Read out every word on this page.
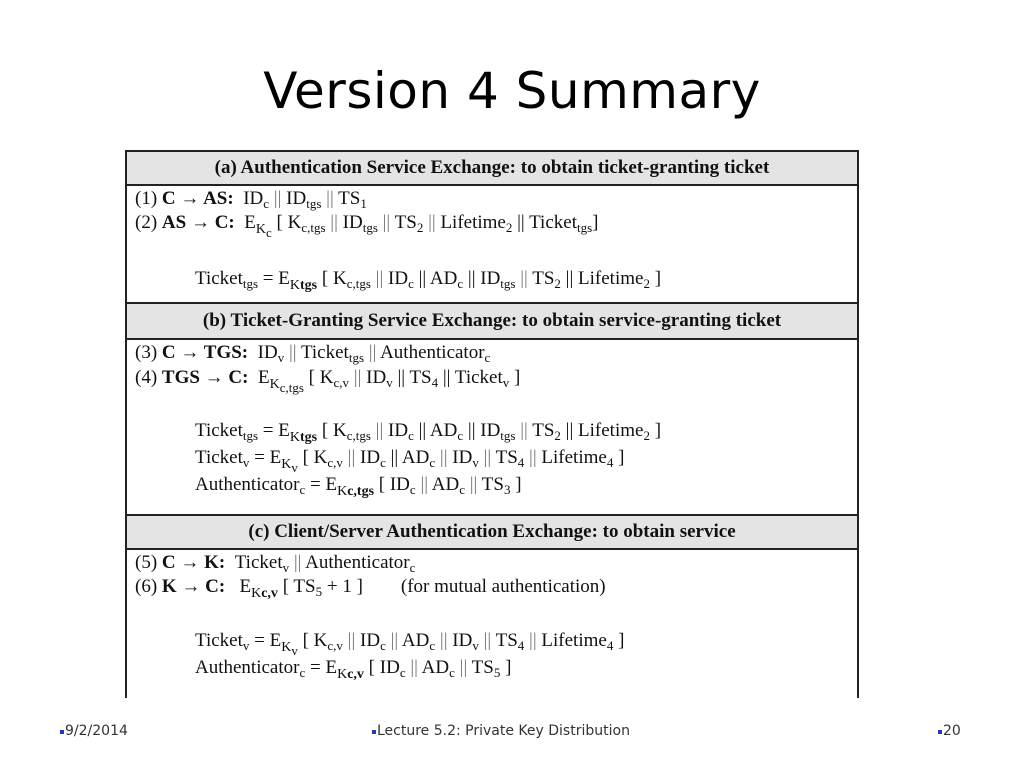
Version 4 Summary
(a) Authentication Service Exchange: to obtain ticket-granting ticket
(1) C → AS:  $ID_c$ || $ID_{tgs}$ || $TS_1$
(2) AS → C:  $E_{K_c}$ [ $K_{c,tgs}$ || $ID_{tgs}$ || $TS_2$ || Lifetime$_2$ || Ticket$_{tgs}$]
Ticket$_{tgs}$ = $E_{Ktgs}$ [ $K_{c,tgs}$ || $ID_c$ || $AD_c$ || $ID_{tgs}$ || $TS_2$ || Lifetime$_2$ ]
(b) Ticket-Granting Service Exchange: to obtain service-granting ticket
(3) C → TGS:  $ID_v$ || Ticket$_{tgs}$ || Authenticator$_c$
(4) TGS → C:  $E_{K_{c,tgs}}$ [ $K_{c,v}$ || $ID_v$ || $TS_4$ || Ticket$_v$ ]
Ticket$_{tgs}$ = $E_{Ktgs}$ [ $K_{c,tgs}$ || $ID_c$ || $AD_c$ || $ID_{tgs}$ || $TS_2$ || Lifetime$_2$ ]
Ticket$_v$ = $E_{K_v}$ [ $K_{c,v}$ || $ID_c$ || $AD_c$ || $ID_v$ || $TS_4$ || Lifetime$_4$ ]
Authenticator$_c$ = $E_{Kc,tgs}$ [ $ID_c$ || $AD_c$ || $TS_3$ ]
(c) Client/Server Authentication Exchange: to obtain service
(5) C → K:  Ticket$_v$ || Authenticator$_c$
(6) K → C:   $E_{Kc,v}$ [ $TS_5 + 1$ ]        (for mutual authentication)
Ticket$_v$ = $E_{K_v}$ [ $K_{c,v}$ || $ID_c$ || $AD_c$ || $ID_v$ || $TS_4$ || Lifetime$_4$ ]
Authenticator$_c$ = $E_{Kc,v}$ [ $ID_c$ || $AD_c$ || $TS_5$ ]
9/2/2014	Lecture 5.2: Private Key Distribution	20
